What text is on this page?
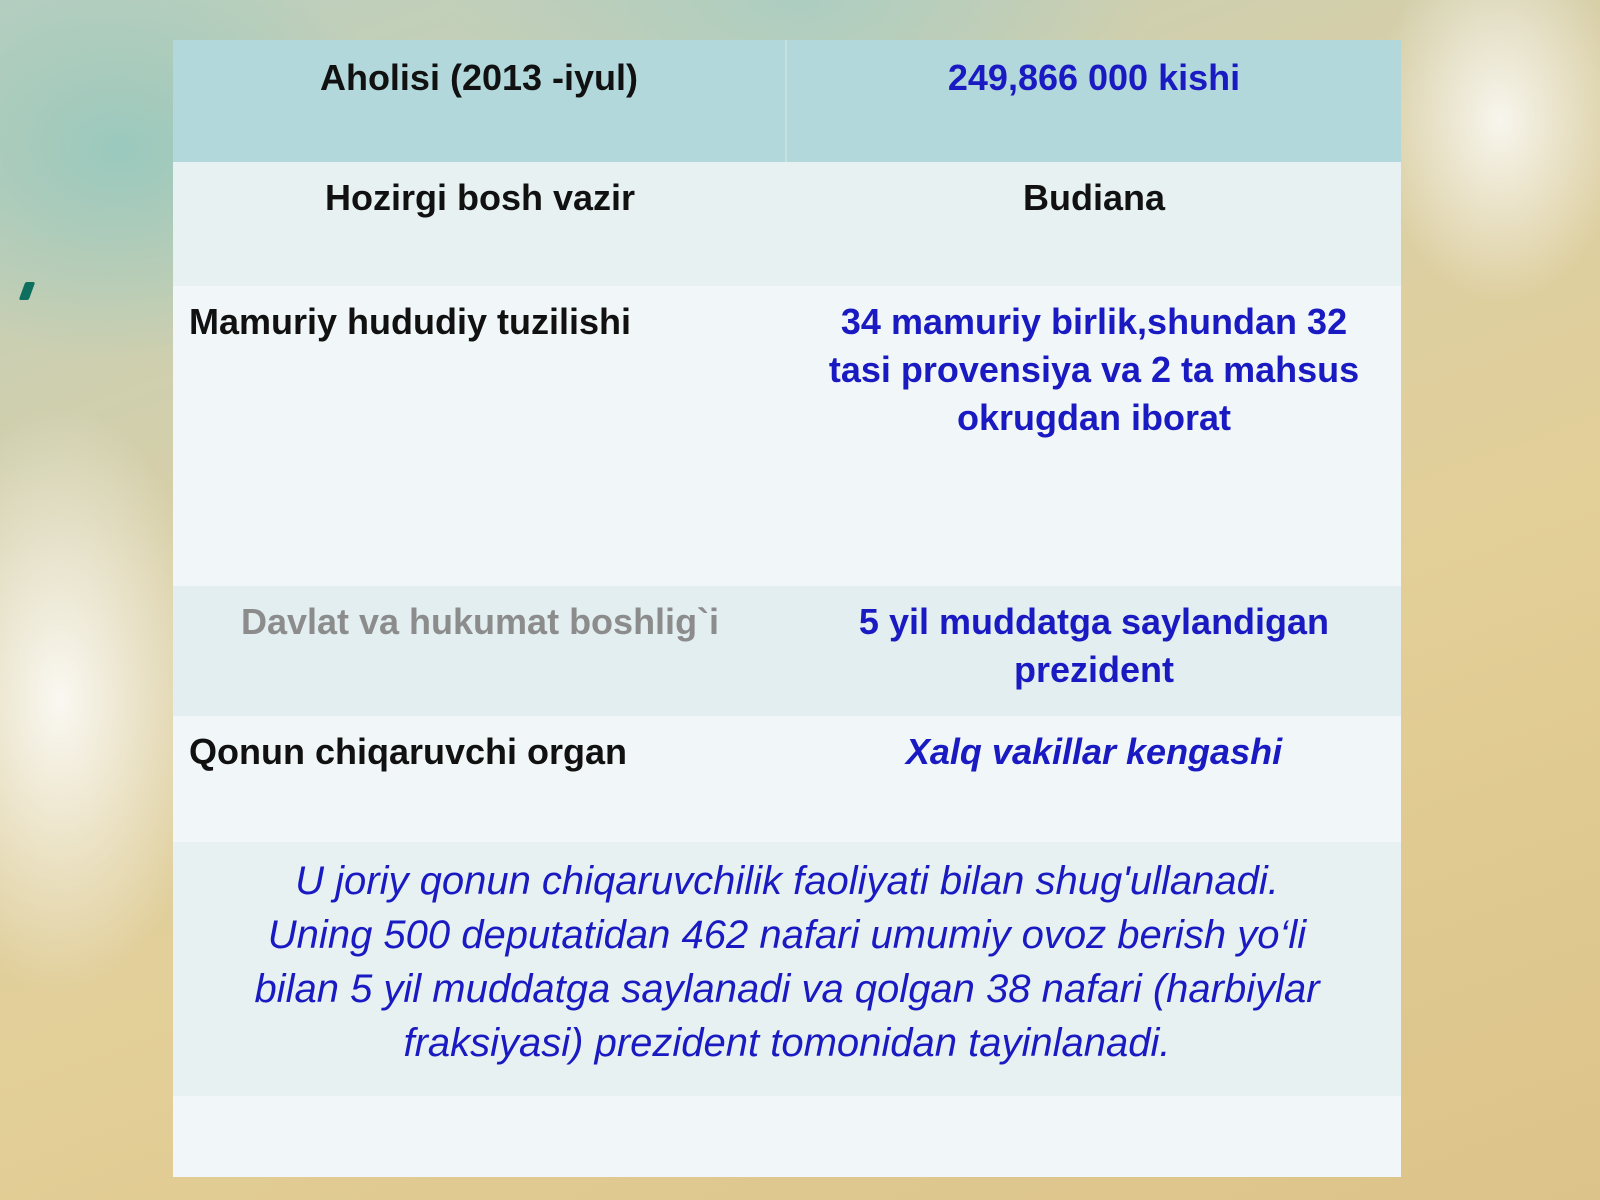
Aholisi (2013 -iyul)	249,866 000 kishi
Hozirgi bosh vazir	Budiana
Mamuriy hududiy tuzilishi	34 mamuriy birlik,shundan 32 tasi provensiya va 2 ta mahsus okrugdan iborat
Davlat va hukumat boshlig`i	5 yil muddatga saylandigan prezident
Qonun chiqaruvchi organ	Xalq vakillar kengashi
U joriy qonun chiqaruvchilik faoliyati bilan shug'ullanadi.
Uning 500 deputatidan 462 nafari umumiy ovoz berish yo‘li
bilan 5 yil muddatga saylanadi va qolgan 38 nafari (harbiylar
fraksiyasi) prezident tomonidan tayinlanadi.
